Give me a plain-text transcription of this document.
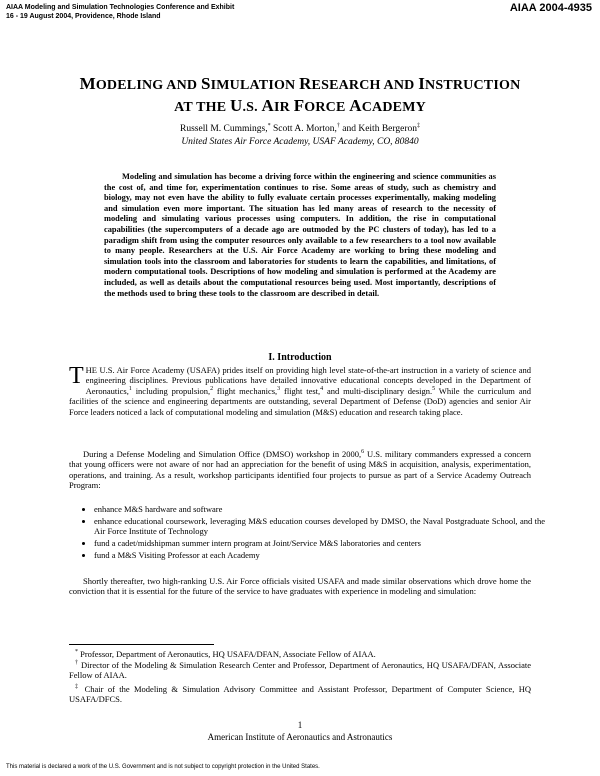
AIAA Modeling and Simulation Technologies Conference and Exhibit
16 - 19 August 2004, Providence, Rhode Island
AIAA 2004-4935
MODELING AND SIMULATION RESEARCH AND INSTRUCTION
AT THE U.S. AIR FORCE ACADEMY
Russell M. Cummings,* Scott A. Morton,† and Keith Bergeron‡
United States Air Force Academy, USAF Academy, CO, 80840
Modeling and simulation has become a driving force within the engineering and science communities as the cost of, and time for, experimentation continues to rise. Some areas of study, such as chemistry and biology, may not even have the ability to fully evaluate certain processes experimentally, making modeling and simulation even more important. The situation has led many areas of research to the necessity of modeling and simulating various processes using computers. In addition, the rise in computational capabilities (the supercomputers of a decade ago are outmoded by the PC clusters of today), has led to a paradigm shift from using the computer resources only available to a few researchers to a tool now available to many people. Researchers at the U.S. Air Force Academy are working to bring these modeling and simulation tools into the classroom and laboratories for students to learn the capabilities, and limitations, of modern computational tools. Descriptions of how modeling and simulation is performed at the Academy are included, as well as details about the computational resources being used. Most importantly, descriptions of the methods used to bring these tools to the classroom are described in detail.
I. Introduction
THE U.S. Air Force Academy (USAFA) prides itself on providing high level state-of-the-art instruction in a variety of science and engineering disciplines. Previous publications have detailed innovative educational concepts developed in the Department of Aeronautics,$^1$ including propulsion,$^2$ flight mechanics,$^3$ flight test,$^4$ and multi-disciplinary design.$^5$ While the curriculum and facilities of the science and engineering departments are outstanding, several Department of Defense (DoD) agencies and senior Air Force leaders noticed a lack of computational modeling and simulation (M&S) education and research taking place.
During a Defense Modeling and Simulation Office (DMSO) workshop in 2000,$^6$ U.S. military commanders expressed a concern that young officers were not aware of nor had an appreciation for the benefit of using M&S in acquisition, analysis, experimentation, operations, and training. As a result, workshop participants identified four projects to pursue as part of a Service Academy Outreach Program:
• enhance M&S hardware and software
• enhance educational coursework, leveraging M&S education courses developed by DMSO, the Naval Postgraduate School, and the Air Force Institute of Technology
• fund a cadet/midshipman summer intern program at Joint/Service M&S laboratories and centers
• fund a M&S Visiting Professor at each Academy
Shortly thereafter, two high-ranking U.S. Air Force officials visited USAFA and made similar observations which drove home the conviction that it is essential for the future of the service to have graduates with experience in modeling and simulation:
* Professor, Department of Aeronautics, HQ USAFA/DFAN, Associate Fellow of AIAA.
† Director of the Modeling & Simulation Research Center and Professor, Department of Aeronautics, HQ USAFA/DFAN, Associate Fellow of AIAA.
‡ Chair of the Modeling & Simulation Advisory Committee and Assistant Professor, Department of Computer Science, HQ USAFA/DFCS.
1
American Institute of Aeronautics and Astronautics
This material is declared a work of the U.S. Government and is not subject to copyright protection in the United States.
